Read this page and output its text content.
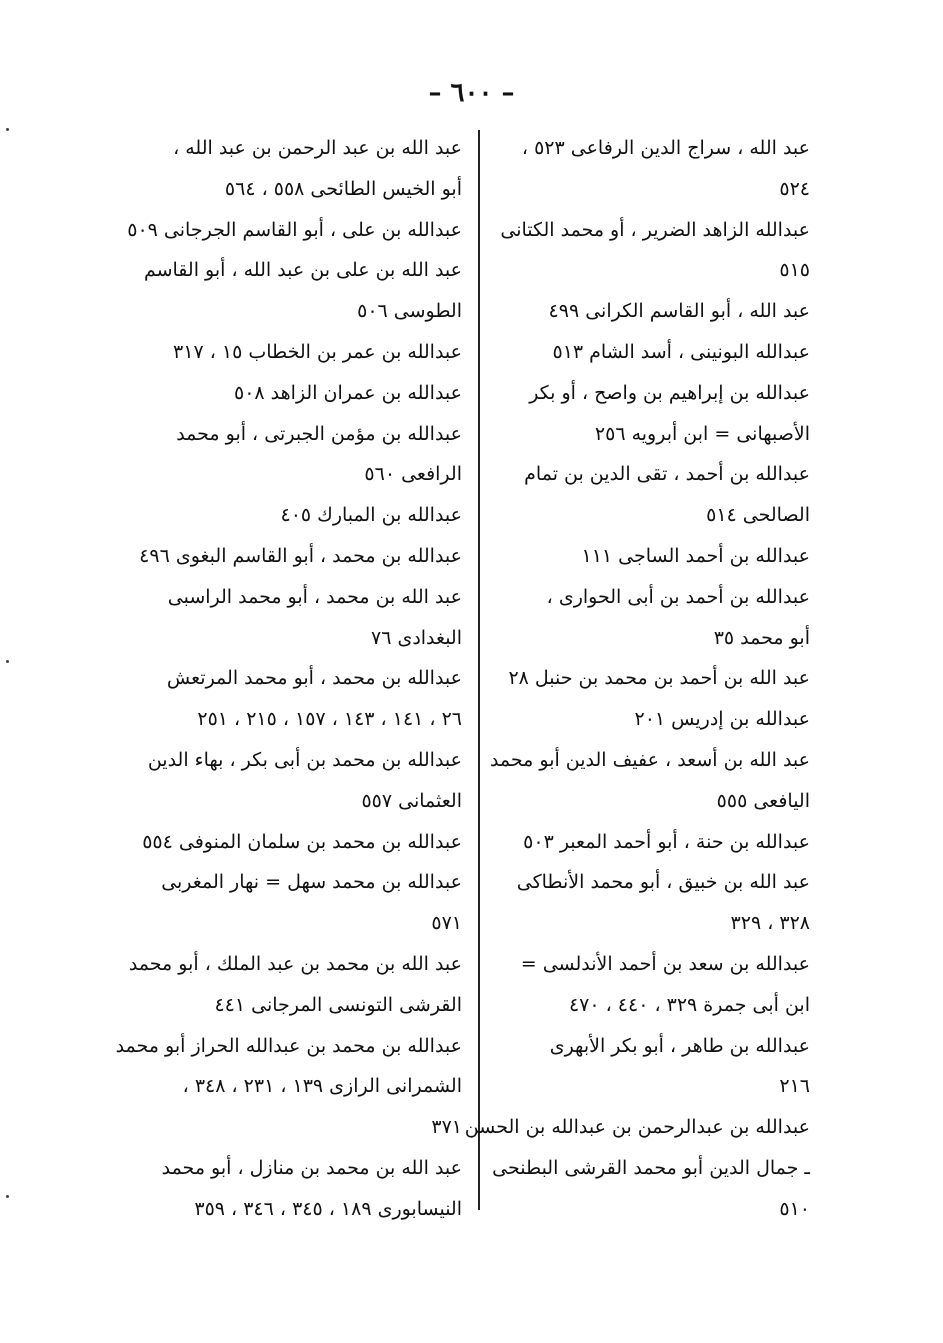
– ٦٠٠ –
عبد الله ، سراج الدين الرفاعى ٥٢٣ ،
٥٢٤
عبدالله الزاهد الضرير ، أو محمد الكتانى
٥١٥
عبد الله ، أبو القاسم الكرانى ٤٩٩
عبدالله البونينى ، أسد الشام ٥١٣
عبدالله بن إبراهيم بن واصح ، أو بكر
الأصبهانى = ابن أبرويه ٢٥٦
عبدالله بن أحمد ، تقى الدين بن تمام
الصالحى ٥١٤
عبدالله بن أحمد الساجى ١١١
عبدالله بن أحمد بن أبى الحوارى ،
أبو محمد ٣٥
عبد الله بن أحمد بن محمد بن حنبل ٢٨
عبدالله بن إدريس ٢٠١
عبد الله بن أسعد ، عفيف الدين أبو محمد
اليافعى ٥٥٥
عبدالله بن حنة ، أبو أحمد المعبر ٥٠٣
عبد الله بن خبيق ، أبو محمد الأنطاكى
٣٢٨ ، ٣٢٩
عبدالله بن سعد بن أحمد الأندلسى =
ابن أبى جمرة ٣٢٩ ، ٤٤٠ ، ٤٧٠
عبدالله بن طاهر ، أبو بكر الأبهرى
٢١٦
عبدالله بن عبدالرحمن بن عبدالله بن الحسن
ـ جمال الدين أبو محمد القرشى البطنحى
٥١٠
عبد الله بن عبد الرحمن بن عبد الله ،
أبو الخيس الطائحى ٥٥٨ ، ٥٦٤
عبدالله بن على ، أبو القاسم الجرجانى ٥٠٩
عبد الله بن على بن عبد الله ، أبو القاسم
الطوسى ٥٠٦
عبدالله بن عمر بن الخطاب ١٥ ، ٣١٧
عبدالله بن عمران الزاهد ٥٠٨
عبدالله بن مؤمن الجبرتى ، أبو محمد
الرافعى ٥٦٠
عبدالله بن المبارك ٤٠٥
عبدالله بن محمد ، أبو القاسم البغوى ٤٩٦
عبد الله بن محمد ، أبو محمد الراسبى
البغدادى ٧٦
عبدالله بن محمد ، أبو محمد المرتعش
٢٦ ، ١٤١ ، ١٤٣ ، ١٥٧ ، ٢١٥ ، ٢٥١
عبدالله بن محمد بن أبى بكر ، بهاء الدين
العثمانى ٥٥٧
عبدالله بن محمد بن سلمان المنوفى ٥٥٤
عبدالله بن محمد سهل = نهار المغربى
٥٧١
عبد الله بن محمد بن عبد الملك ، أبو محمد
القرشى التونسى المرجانى ٤٤١
عبدالله بن محمد بن عبدالله الحراز أبو محمد
الشمرانى الرازى ١٣٩ ، ٢٣١ ، ٣٤٨ ،
٣٧١
عبد الله بن محمد بن منازل ، أبو محمد
النيسابورى ١٨٩ ، ٣٤٥ ، ٣٤٦ ، ٣٥٩
